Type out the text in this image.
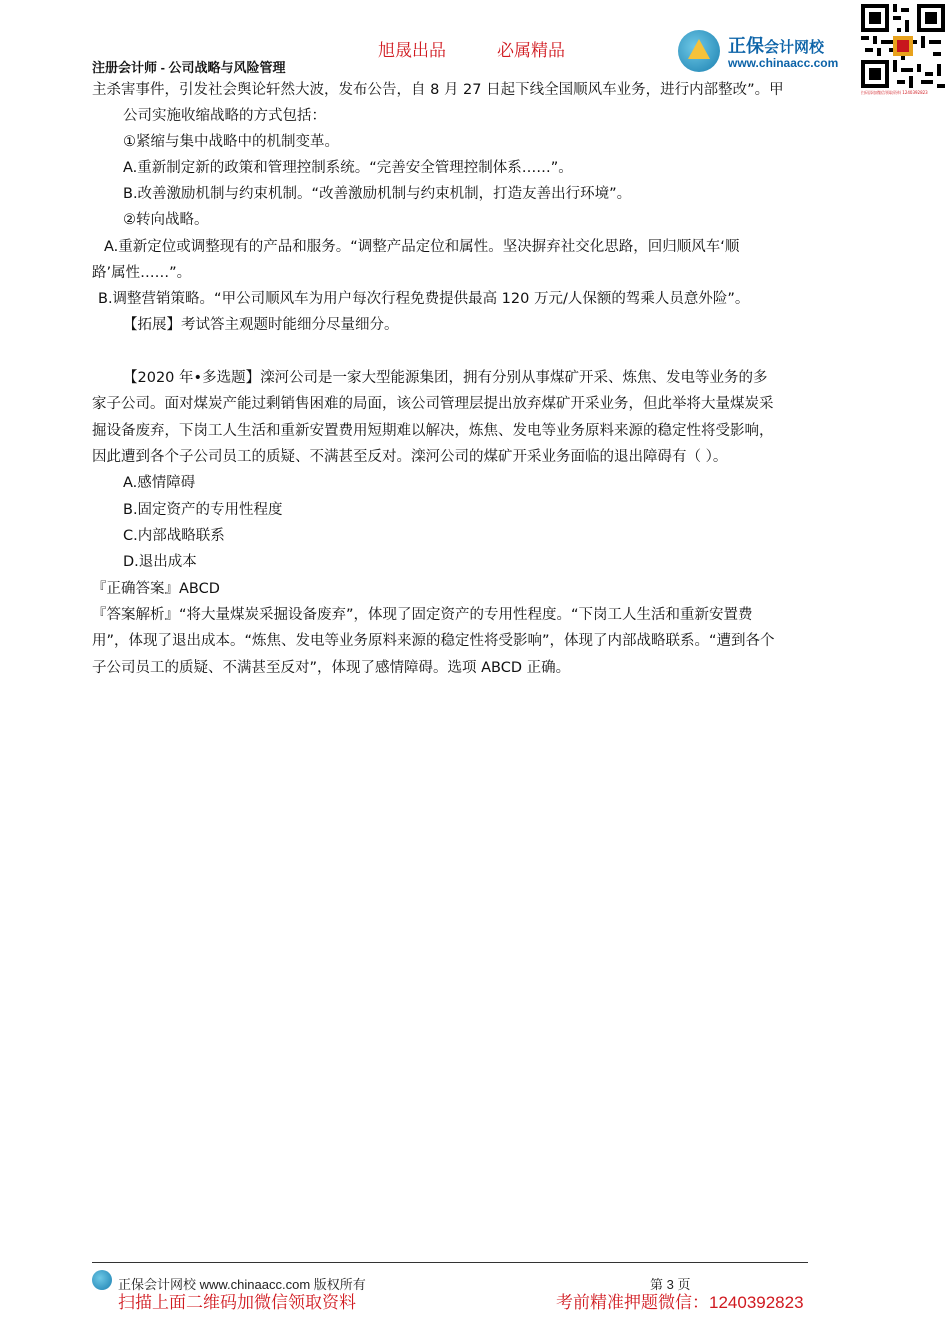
旭晟出品	必属精品
注册会计师 - 公司战略与风险管理
正保会计网校
www.chinaacc.com
扫码添加微信领取资料 1240392823
主杀害事件，引发社会舆论轩然大波，发布公告，自 8 月 27 日起下线全国顺风车业务，进行内部整改”。甲
公司实施收缩战略的方式包括：
①紧缩与集中战略中的机制变革。
A.重新制定新的政策和管理控制系统。“完善安全管理控制体系……”。
B.改善激励机制与约束机制。“改善激励机制与约束机制，打造友善出行环境”。
②转向战略。
A.重新定位或调整现有的产品和服务。“调整产品定位和属性。坚决摒弃社交化思路，回归顺风车‘顺
路’属性……”。
B.调整营销策略。“甲公司顺风车为用户每次行程免费提供最高 120 万元/人保额的驾乘人员意外险”。
【拓展】考试答主观题时能细分尽量细分。
【2020 年•多选题】滦河公司是一家大型能源集团，拥有分别从事煤矿开采、炼焦、发电等业务的多
家子公司。面对煤炭产能过剩销售困难的局面，该公司管理层提出放弃煤矿开采业务，但此举将大量煤炭采
掘设备废弃，下岗工人生活和重新安置费用短期难以解决，炼焦、发电等业务原料来源的稳定性将受影响，
因此遭到各个子公司员工的质疑、不满甚至反对。滦河公司的煤矿开采业务面临的退出障碍有（ ）。
A.感情障碍
B.固定资产的专用性程度
C.内部战略联系
D.退出成本
『正确答案』ABCD
『答案解析』“将大量煤炭采掘设备废弃”，体现了固定资产的专用性程度。“下岗工人生活和重新安置费
用”，体现了退出成本。“炼焦、发电等业务原料来源的稳定性将受影响”，体现了内部战略联系。“遭到各个
子公司员工的质疑、不满甚至反对”，体现了感情障碍。选项 ABCD 正确。
正保会计网校 www.chinaacc.com 版权所有	第 3 页
扫描上面二维码加微信领取资料	考前精准押题微信：1240392823
